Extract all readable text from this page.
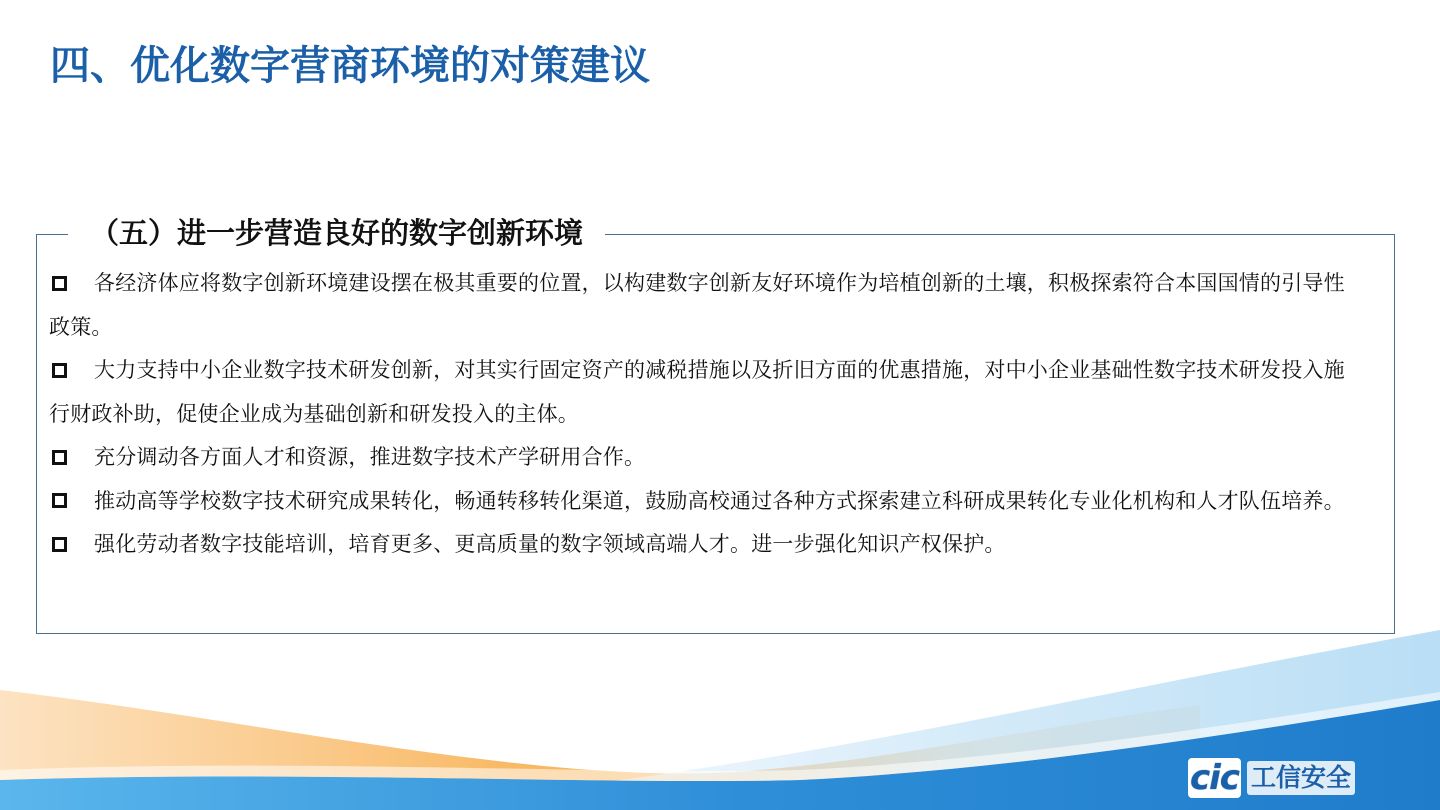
四、优化数字营商环境的对策建议
（五）进一步营造良好的数字创新环境
各经济体应将数字创新环境建设摆在极其重要的位置，以构建数字创新友好环境作为培植创新的土壤，积极探索符合本国国情的引导性政策。
大力支持中小企业数字技术研发创新，对其实行固定资产的减税措施以及折旧方面的优惠措施，对中小企业基础性数字技术研发投入施行财政补助，促使企业成为基础创新和研发投入的主体。
充分调动各方面人才和资源，推进数字技术产学研用合作。
推动高等学校数字技术研究成果转化，畅通转移转化渠道，鼓励高校通过各种方式探索建立科研成果转化专业化机构和人才队伍培养。
强化劳动者数字技能培训，培育更多、更高质量的数字领域高端人才。进一步强化知识产权保护。
cic 工信安全
